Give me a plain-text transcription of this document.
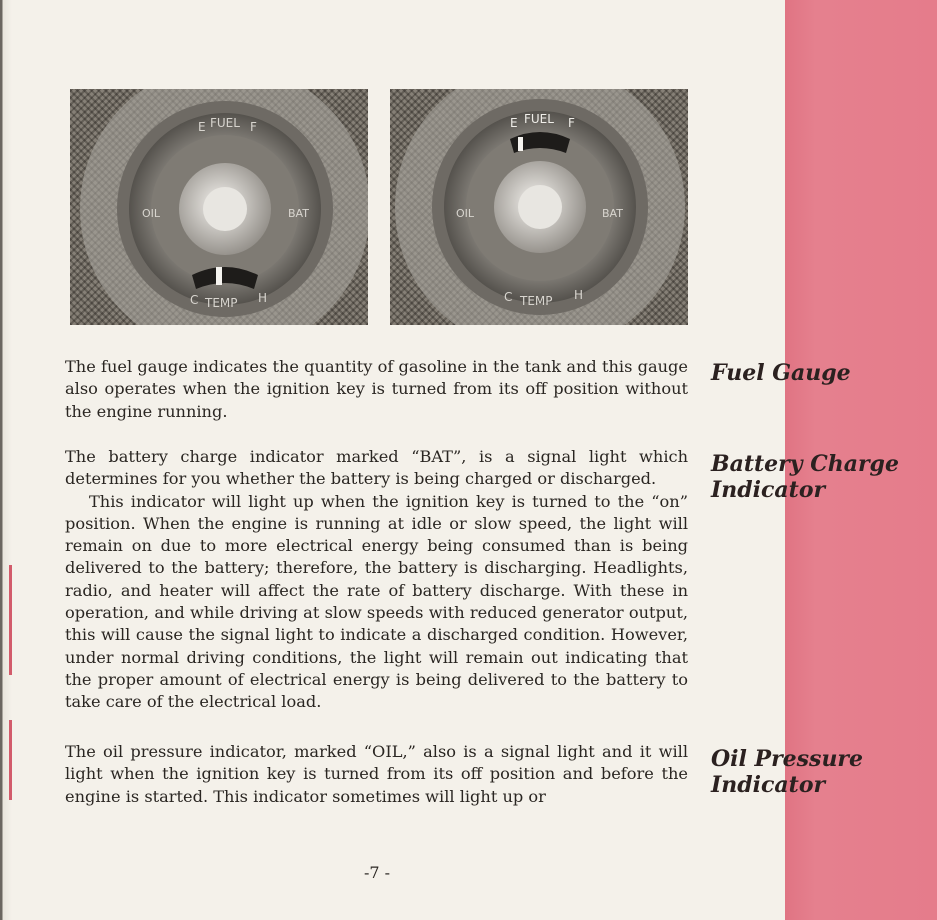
E FUEL F
OIL	BAT
C TEMP H
E FUEL F
OIL	BAT
C TEMP H

The fuel gauge indicates the quantity of gasoline in the tank and this gauge also operates when the ignition key is turned from its off position without the engine running.

Fuel Gauge
The battery charge indicator marked “BAT”, is a signal light which determines for you whether the battery is being charged or discharged.
This indicator will light up when the ignition key is turned to the “on” position. When the engine is running at idle or slow speed, the light will remain on due to more electrical energy being consumed than is being delivered to the battery; therefore, the battery is discharging. Headlights, radio, and heater will affect the rate of battery discharge. With these in operation, and while driving at slow speeds with reduced generator output, this will cause the signal light to indicate a discharged condition. However, under normal driving conditions, the light will remain out indicating that the proper amount of electrical energy is being delivered to the battery to take care of the electrical load.
Battery Charge
Indicator

The oil pressure indicator, marked “OIL,” also is a signal light and it will light when the ignition key is turned from its off position and before the engine is started. This indicator sometimes will light up or

Oil Pressure
Indicator
-7 -
